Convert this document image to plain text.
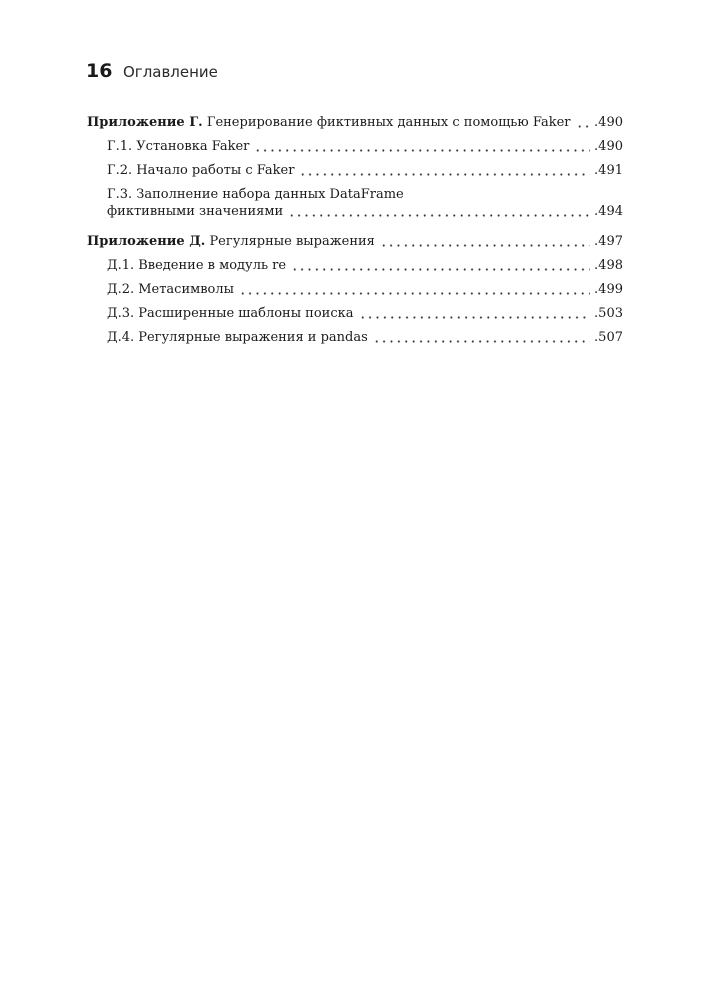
16 Оглавление
Приложение Г. Генерирование фиктивных данных с помощью Faker .490
Г.1. Установка Faker	.490
Г.2. Начало работы с Faker	.491
Г.3. Заполнение набора данных DataFrame
фиктивными значениями	.494
Приложение Д. Регулярные выражения	.497
Д.1. Введение в модуль re	.498
Д.2. Метасимволы	.499
Д.3. Расширенные шаблоны поиска	.503
Д.4. Регулярные выражения и pandas	.507
